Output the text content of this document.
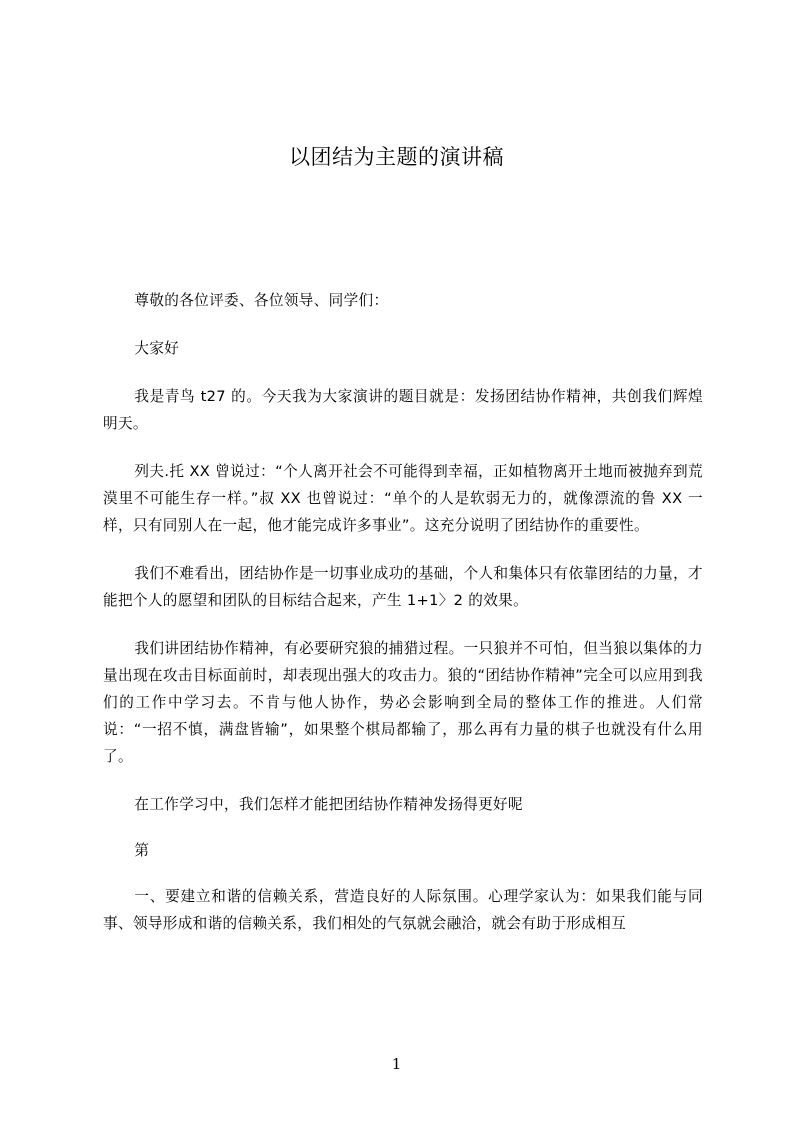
以团结为主题的演讲稿

尊敬的各位评委、各位领导、同学们：

大家好

我是青鸟 t27 的。今天我为大家演讲的题目就是：发扬团结协作精神，共创我们辉煌明天。

列夫.托 XX 曾说过：“个人离开社会不可能得到幸福，正如植物离开土地而被抛弃到荒漠里不可能生存一样。”叔 XX 也曾说过：“单个的人是软弱无力的，就像漂流的鲁 XX 一样，只有同别人在一起，他才能完成许多事业”。这充分说明了团结协作的重要性。

我们不难看出，团结协作是一切事业成功的基础，个人和集体只有依靠团结的力量，才能把个人的愿望和团队的目标结合起来，产生 1+1〉2 的效果。

我们讲团结协作精神，有必要研究狼的捕猎过程。一只狼并不可怕，但当狼以集体的力量出现在攻击目标面前时，却表现出强大的攻击力。狼的“团结协作精神”完全可以应用到我们的工作中学习去。不肯与他人协作，势必会影响到全局的整体工作的推进。人们常说：“一招不慎，满盘皆输”，如果整个棋局都输了，那么再有力量的棋子也就没有什么用了。

在工作学习中，我们怎样才能把团结协作精神发扬得更好呢

第

一、要建立和谐的信赖关系，营造良好的人际氛围。心理学家认为：如果我们能与同事、领导形成和谐的信赖关系，我们相处的气氛就会融洽，就会有助于形成相互

1
